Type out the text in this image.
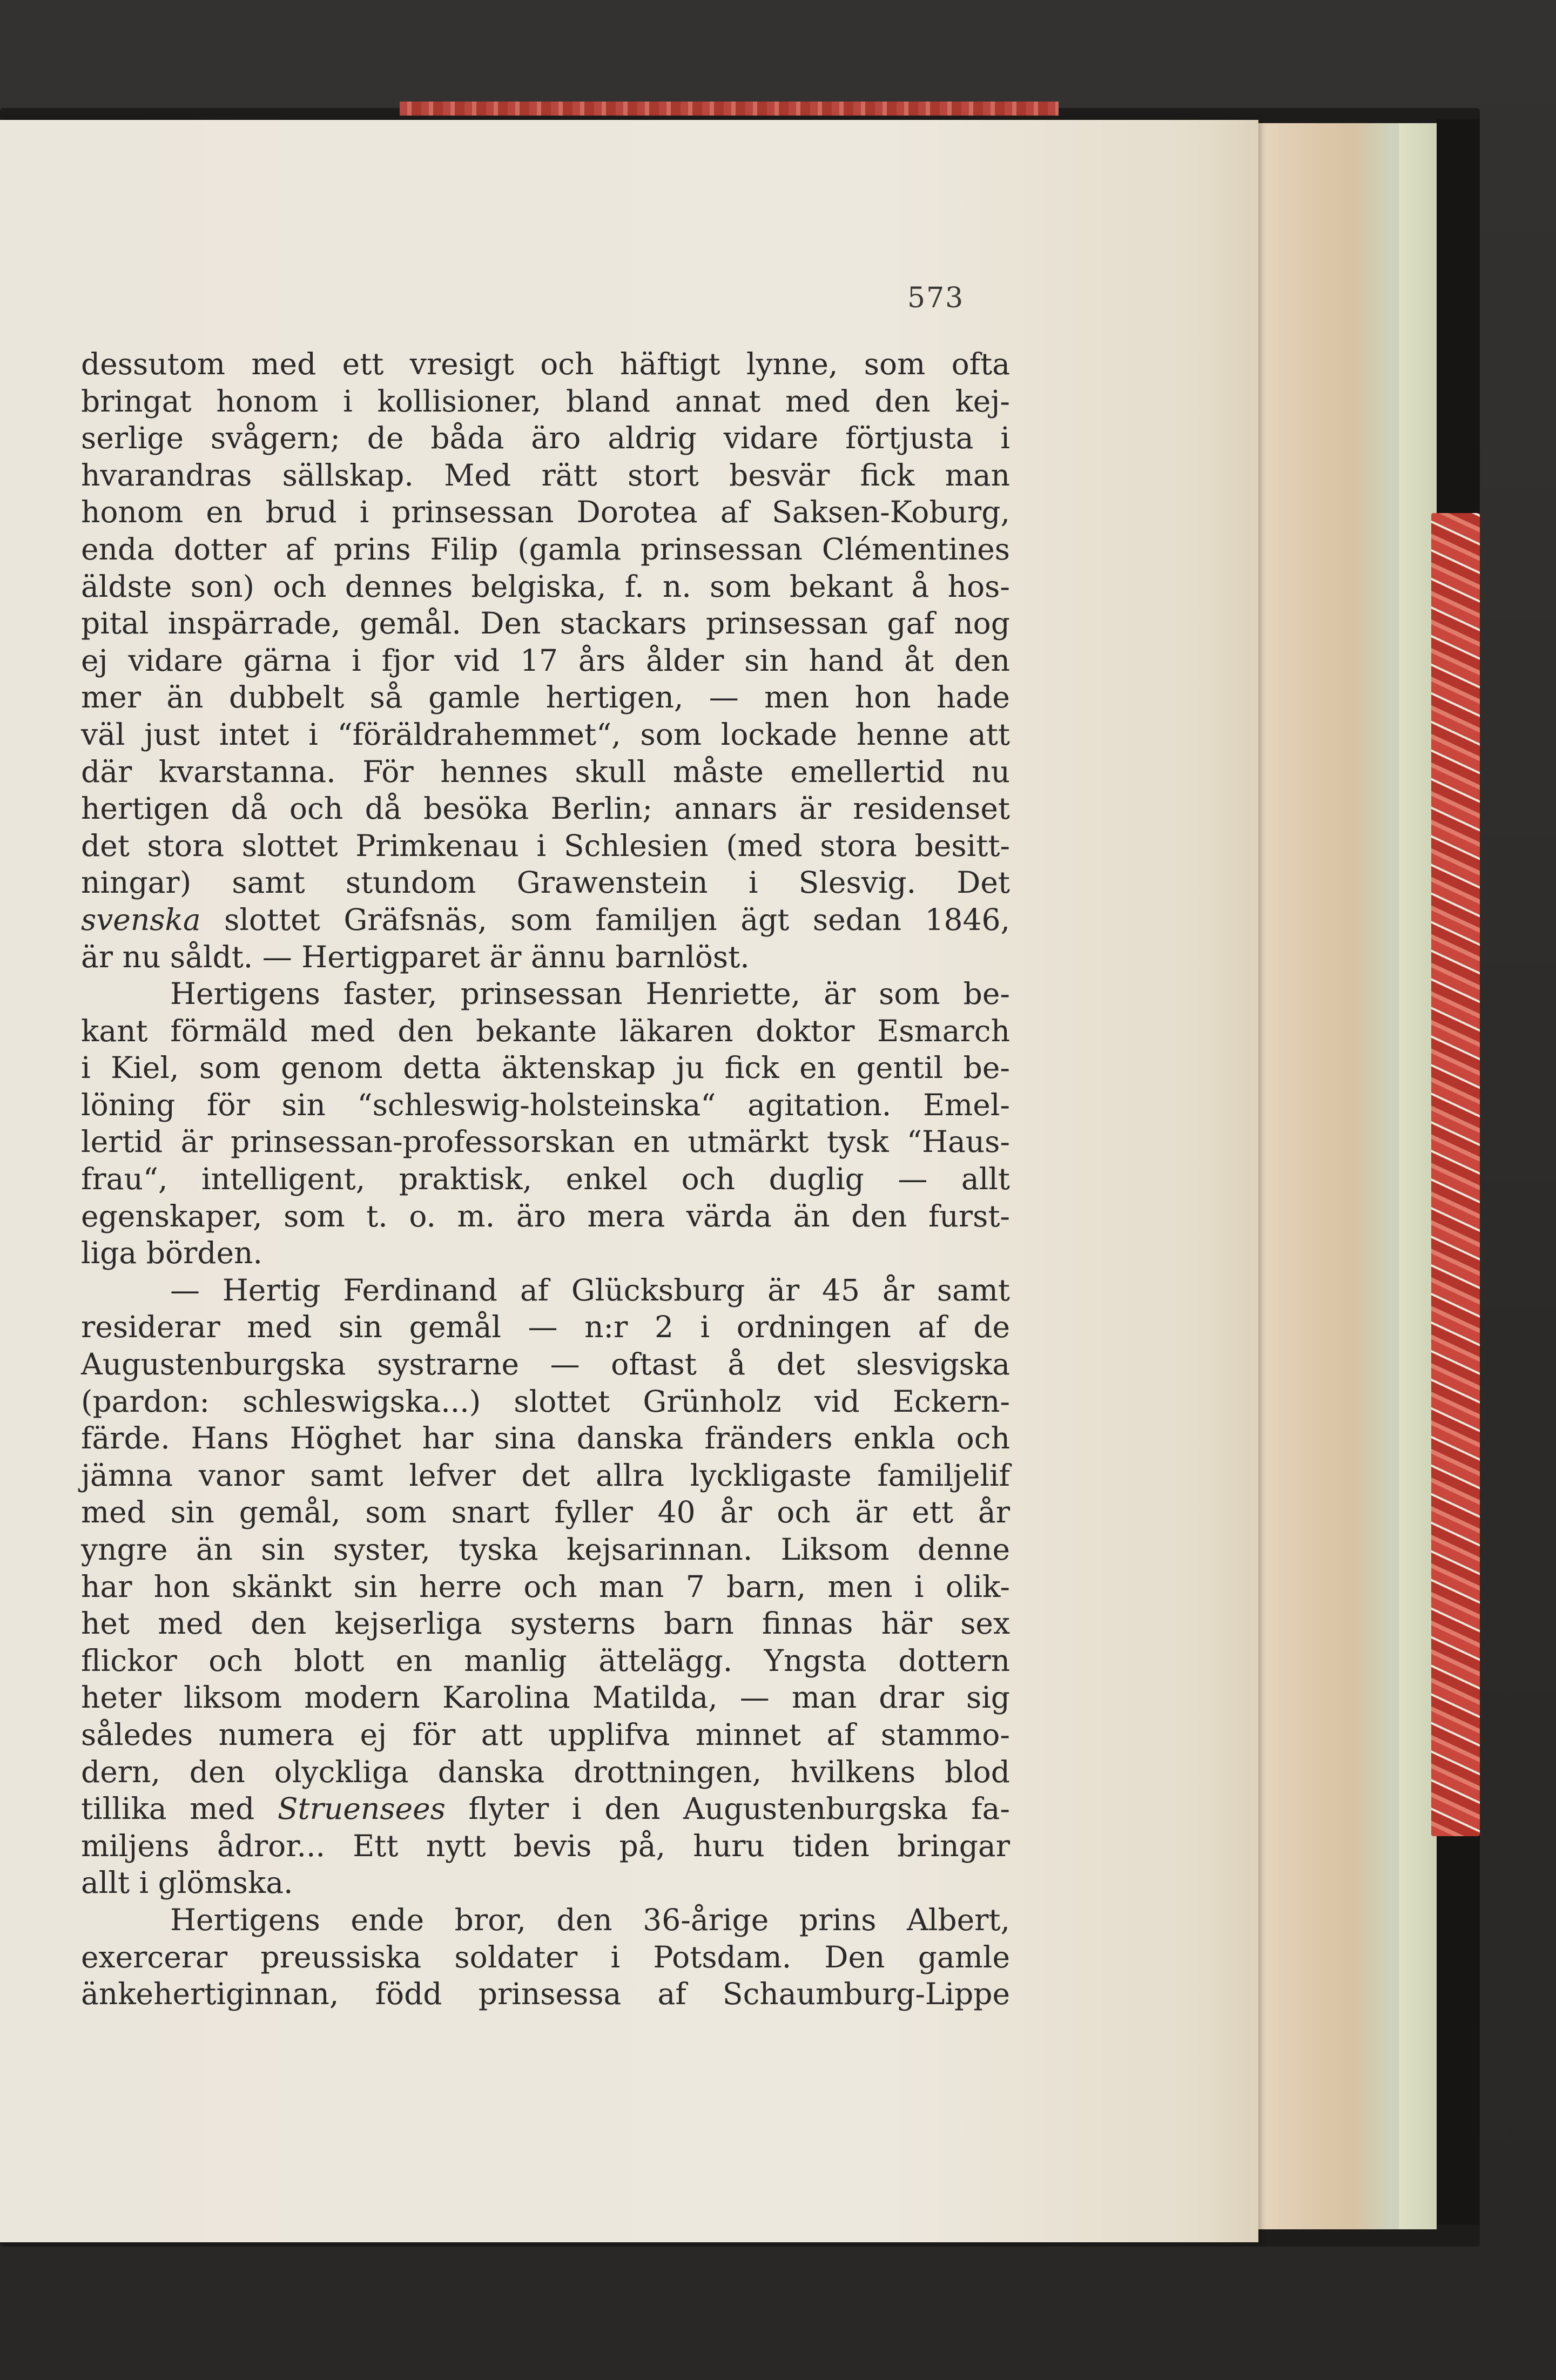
573
dessutom med ett vresigt och häftigt lynne, som ofta
bringat honom i kollisioner, bland annat med den kej-
serlige svågern; de båda äro aldrig vidare förtjusta i
hvarandras sällskap. Med rätt stort besvär fick man
honom en brud i prinsessan Dorotea af Saksen-Koburg,
enda dotter af prins Filip (gamla prinsessan Clémentines
äldste son) och dennes belgiska, f. n. som bekant å hos-
pital inspärrade, gemål. Den stackars prinsessan gaf nog
ej vidare gärna i fjor vid 17 års ålder sin hand åt den
mer än dubbelt så gamle hertigen, — men hon hade
väl just intet i “föräldrahemmet“, som lockade henne att
där kvarstanna. För hennes skull måste emellertid nu
hertigen då och då besöka Berlin; annars är residenset
det stora slottet Primkenau i Schlesien (med stora besitt-
ningar) samt stundom Grawenstein i Slesvig. Det
svenska slottet Gräfsnäs, som familjen ägt sedan 1846,
är nu såldt. — Hertigparet är ännu barnlöst.
Hertigens faster, prinsessan Henriette, är som be-
kant förmäld med den bekante läkaren doktor Esmarch
i Kiel, som genom detta äktenskap ju fick en gentil be-
löning för sin “schleswig-holsteinska“ agitation. Emel-
lertid är prinsessan-professorskan en utmärkt tysk “Haus-
frau“, intelligent, praktisk, enkel och duglig — allt
egenskaper, som t. o. m. äro mera värda än den furst-
liga börden.
— Hertig Ferdinand af Glücksburg är 45 år samt
residerar med sin gemål — n:r 2 i ordningen af de
Augustenburgska systrarne — oftast å det slesvigska
(pardon: schleswigska...) slottet Grünholz vid Eckern-
färde. Hans Höghet har sina danska fränders enkla och
jämna vanor samt lefver det allra lyckligaste familjelif
med sin gemål, som snart fyller 40 år och är ett år
yngre än sin syster, tyska kejsarinnan. Liksom denne
har hon skänkt sin herre och man 7 barn, men i olik-
het med den kejserliga systerns barn finnas här sex
flickor och blott en manlig ättelägg. Yngsta dottern
heter liksom modern Karolina Matilda, — man drar sig
således numera ej för att upplifva minnet af stammo-
dern, den olyckliga danska drottningen, hvilkens blod
tillika med Struensees flyter i den Augustenburgska fa-
miljens ådror... Ett nytt bevis på, huru tiden bringar
allt i glömska.
Hertigens ende bror, den 36-årige prins Albert,
exercerar preussiska soldater i Potsdam. Den gamle
änkehertiginnan, född prinsessa af Schaumburg-Lippe
